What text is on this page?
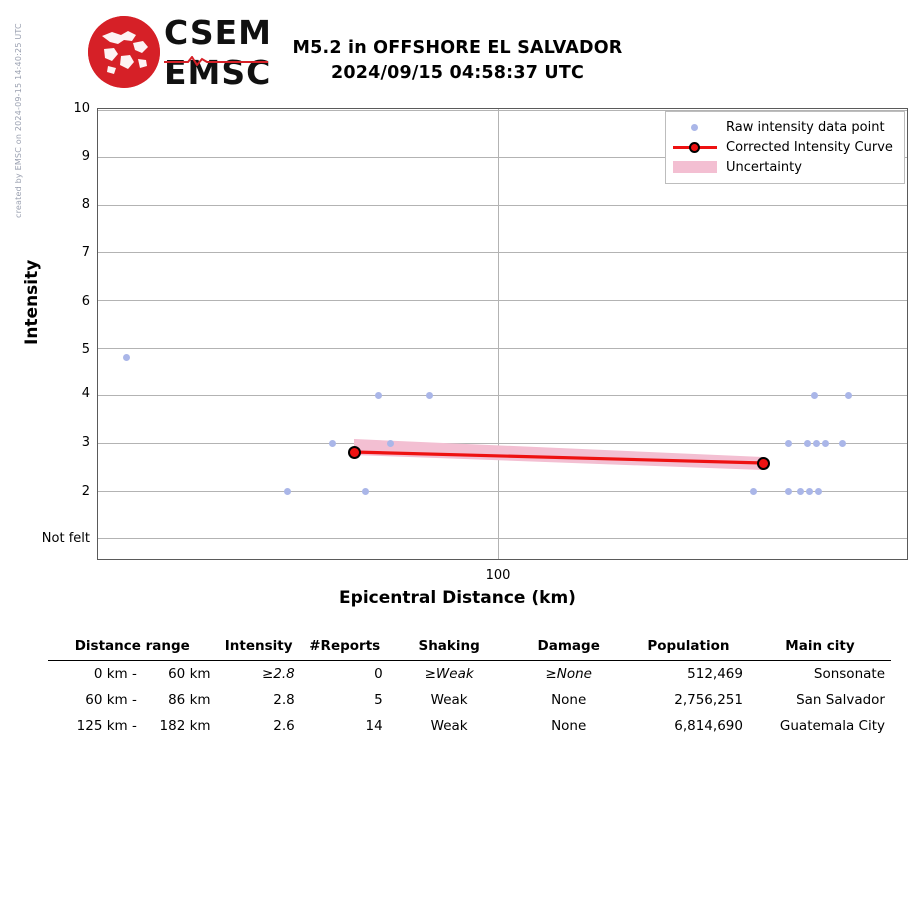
created by EMSC on 2024-09-15 14:40:25 UTC	CSEM
EMSC
M5.2 in OFFSHORE EL SALVADOR
2024/09/15 04:58:37 UTC
Intensity
Not felt
2
3
4
5
6
7
8
9
10
100
Raw intensity data point
Corrected Intensity Curve
Uncertainty
Epicentral Distance (km)
Distance range		Intensity	#Reports	Shaking	Damage	Population	Main city
0 km -	60 km	≥2.8	0	≥Weak	≥None	512,469	Sonsonate
60 km -	86 km	2.8	5	Weak	None	2,756,251	San Salvador
125 km -	182 km	2.6	14	Weak	None	6,814,690	Guatemala City
